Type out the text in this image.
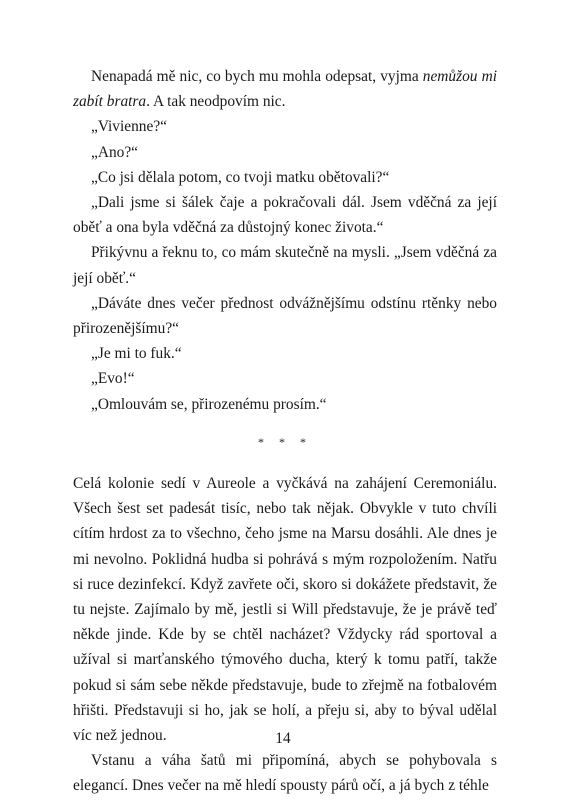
Nenapadá mě nic, co bych mu mohla odepsat, vyjma nemůžou mi zabít bratra. A tak neodpovím nic.

„Vivienne?“

„Ano?“

„Co jsi dělala potom, co tvoji matku obětovali?“

„Dali jsme si šálek čaje a pokračovali dál. Jsem vděčná za její oběť a ona byla vděčná za důstojný konec života.“

Přikývnu a řeknu to, co mám skutečně na mysli. „Jsem vděčná za její oběť.“

„Dáváte dnes večer přednost odvážnějšímu odstínu rtěnky nebo přirozenějšímu?“

„Je mi to fuk.“

„Evo!“

„Omlouvám se, přirozenému prosím.“

* * *

Celá kolonie sedí v Aureole a vyčkává na zahájení Ceremoniálu. Všech šest set padesát tisíc, nebo tak nějak. Obvykle v tuto chvíli cítím hrdost za to všechno, čeho jsme na Marsu dosáhli. Ale dnes je mi nevolno. Poklidná hudba si pohrává s mým rozpoložením. Natřu si ruce dezinfekcí. Když zavřete oči, skoro si dokážete představit, že tu nejste. Zajímalo by mě, jestli si Will představuje, že je právě teď někde jinde. Kde by se chtěl nacházet? Vždycky rád sportoval a užíval si marťanského týmového ducha, který k tomu patří, takže pokud si sám sebe někde představuje, bude to zřejmě na fotbalovém hřišti. Představuji si ho, jak se holí, a přeju si, aby to býval udělal víc než jednou.

Vstanu a váha šatů mi připomíná, abych se pohybovala s elegancí. Dnes večer na mě hledí spousty párů očí, a já bych z téhle

14
